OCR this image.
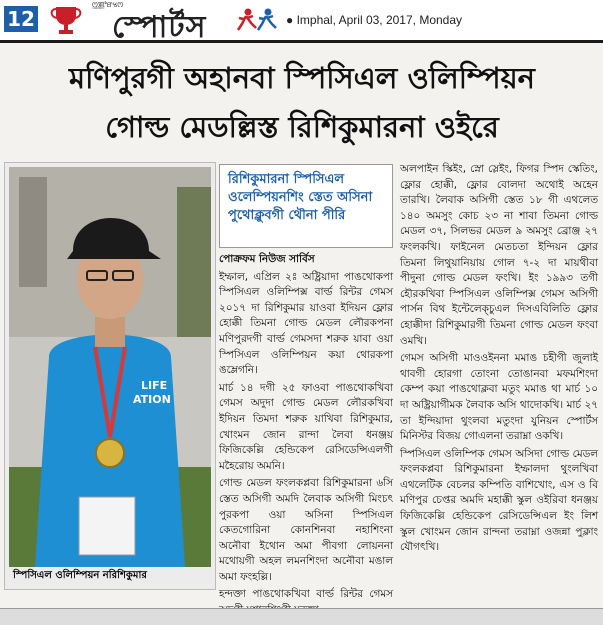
12
ꯁ꯭ꯄꯣꯔꯠꯁ
স্পোর্টস	● Imphal, April 03, 2017, Monday
মণিপুরগী অহানবা স্পিসিএল ওলিম্পিয়ন
গোল্ড মেডল্লিস্ত রিশিকুমারনা ওইরে
LIFE
ATION
স্পিসিএল ওলিম্পিয়ন নরিশিকুমার
রিশিকুমারনা স্পিসিএল ওলেম্পিয়নশিং স্তেত অসিনা পুথোক্লুবগী থৌনা পীরি

পোক্রফম নিউজ সার্বিস

ইম্ফাল, এপ্রিল ২ঃ অষ্ট্রিয়াদা পাঙথোকপা স্পিসিএল ওলিম্পিক্স বার্ল্ড রিন্টর গেমস ২০১৭ দা রিশিকুমার য়াওবা ইদিয়ন ফ্লোর হোক্কী তিমনা গোল্ড মেডল লৌরকপনা মণিপুরদগী বার্ল্ড গেমসদা শরুক য়াবা ওয়া স্পিসিএল ওলিম্পিয়ন কয়া থোরকপা ঙম্লেগনি।

মার্চ ১৪ দগী ২৫ ফাওবা পাঙথোকখিবা গেমস অদুদা গোল্ড মেডল লৌরকখিবা ইদিয়ন তিমদা শরুক য়াখিবা রিশিকুমার, খোংমন জোন রান্দা লৈবা ধনঞ্জয় ফিজিকেল্লি হেন্ডিকেপ রেসিডেন্সিএলগী মহৈরোয় অমনি।

গোল্ড মেডল ফংলকপ্লবা রিশিকুমারনা ৬সি স্তেত অসিগী অমদি লৈবাক অসিগী মিংচৎ পুরকপা ওয়া অসিনা স্পিসিএল কেতগোরিনা কোনশিনবা নহাশিংনা অনৌবা ইথোন অমা পীবগা লোয়ননা মথোয়গী অহল লমনশিংদা অনৌবা মঙাল অমা ফংহল্লি।

হন্দক্তা পাঙথোকখিবা বার্ল্ড রিন্টর গেমস

অলপাইন স্কিইং, স্নো স্লেইং, ফিগর স্পিদ স্কেতিং, ফ্লোর হোক্কী, ফ্লোর বোলদা অথোই অহেন তারখি। লৈবাক অসিগী স্তেত ১৮ গী এথলেত ১৪০ অমসুং কোচ ২৩ না শাবা তিমনা গোল্ড মেডল ৩৭, সিলভর মেডল ৯ অমসুং ব্রোঞ্জ ২৭ ফংলকখি। ফাইনেল মেতচতা ইন্দিয়ন ফ্লোর তিমনা লিথুয়ানিয়ায় গোল ৭-২ দা মায়থীবা পীদুনা গোল্ড মেডল ফংখি। ইং ১৯৯৩ তগী হৌরকখিবা স্পিসিএল ওলিম্পিক্স গেমস অসিগী পার্সন বিথ ইন্টেলেক্চুএল দিসএবিলিতি ফ্লোর হোক্কীদা রিশিকুমারগী তিমনা গোল্ড মেডল ফংবা ওমখি।

গেমস অসিগী মাওওইননা মমাঙ চহীগী জুলাই থাবগী হোরগা তোংনা তোঙানবা মফমশিংদা কেম্প কয়া পাঙথোক্লবা মতুং মমাঙ থা মার্চ ১০ দা অষ্ট্রিয়াগীমক লৈবাক অসি থাদোকখি। মার্চ ২৭ তা ইন্দিয়াদা থুংলবা মতুংদা যুনিয়ন স্পোর্টস মিনিস্টর বিজয় গোএলনা তরাম্না ওকখি।

স্পিসিএল ওলিম্পিক গেমস অসিদা গোল্ড মেডল ফংলকপ্লবা রিশিকুমারনা ইম্ফালদা থুংলখিবা এথলেটিক বেচলর কম্পিতি বাশিখোং, এস ও বি মণিপুর চেপ্তর অমদি মহাক্কী স্কুল ওইরিবা ধনঞ্জয় ফিজিকেল্লি হেন্ডিকেপ রেসিডেন্সিএল ইং লিশ স্কুল খোংমন জোন রান্দনা তরাম্না ওজন্না পুক্লাং যৌগৎখি।
